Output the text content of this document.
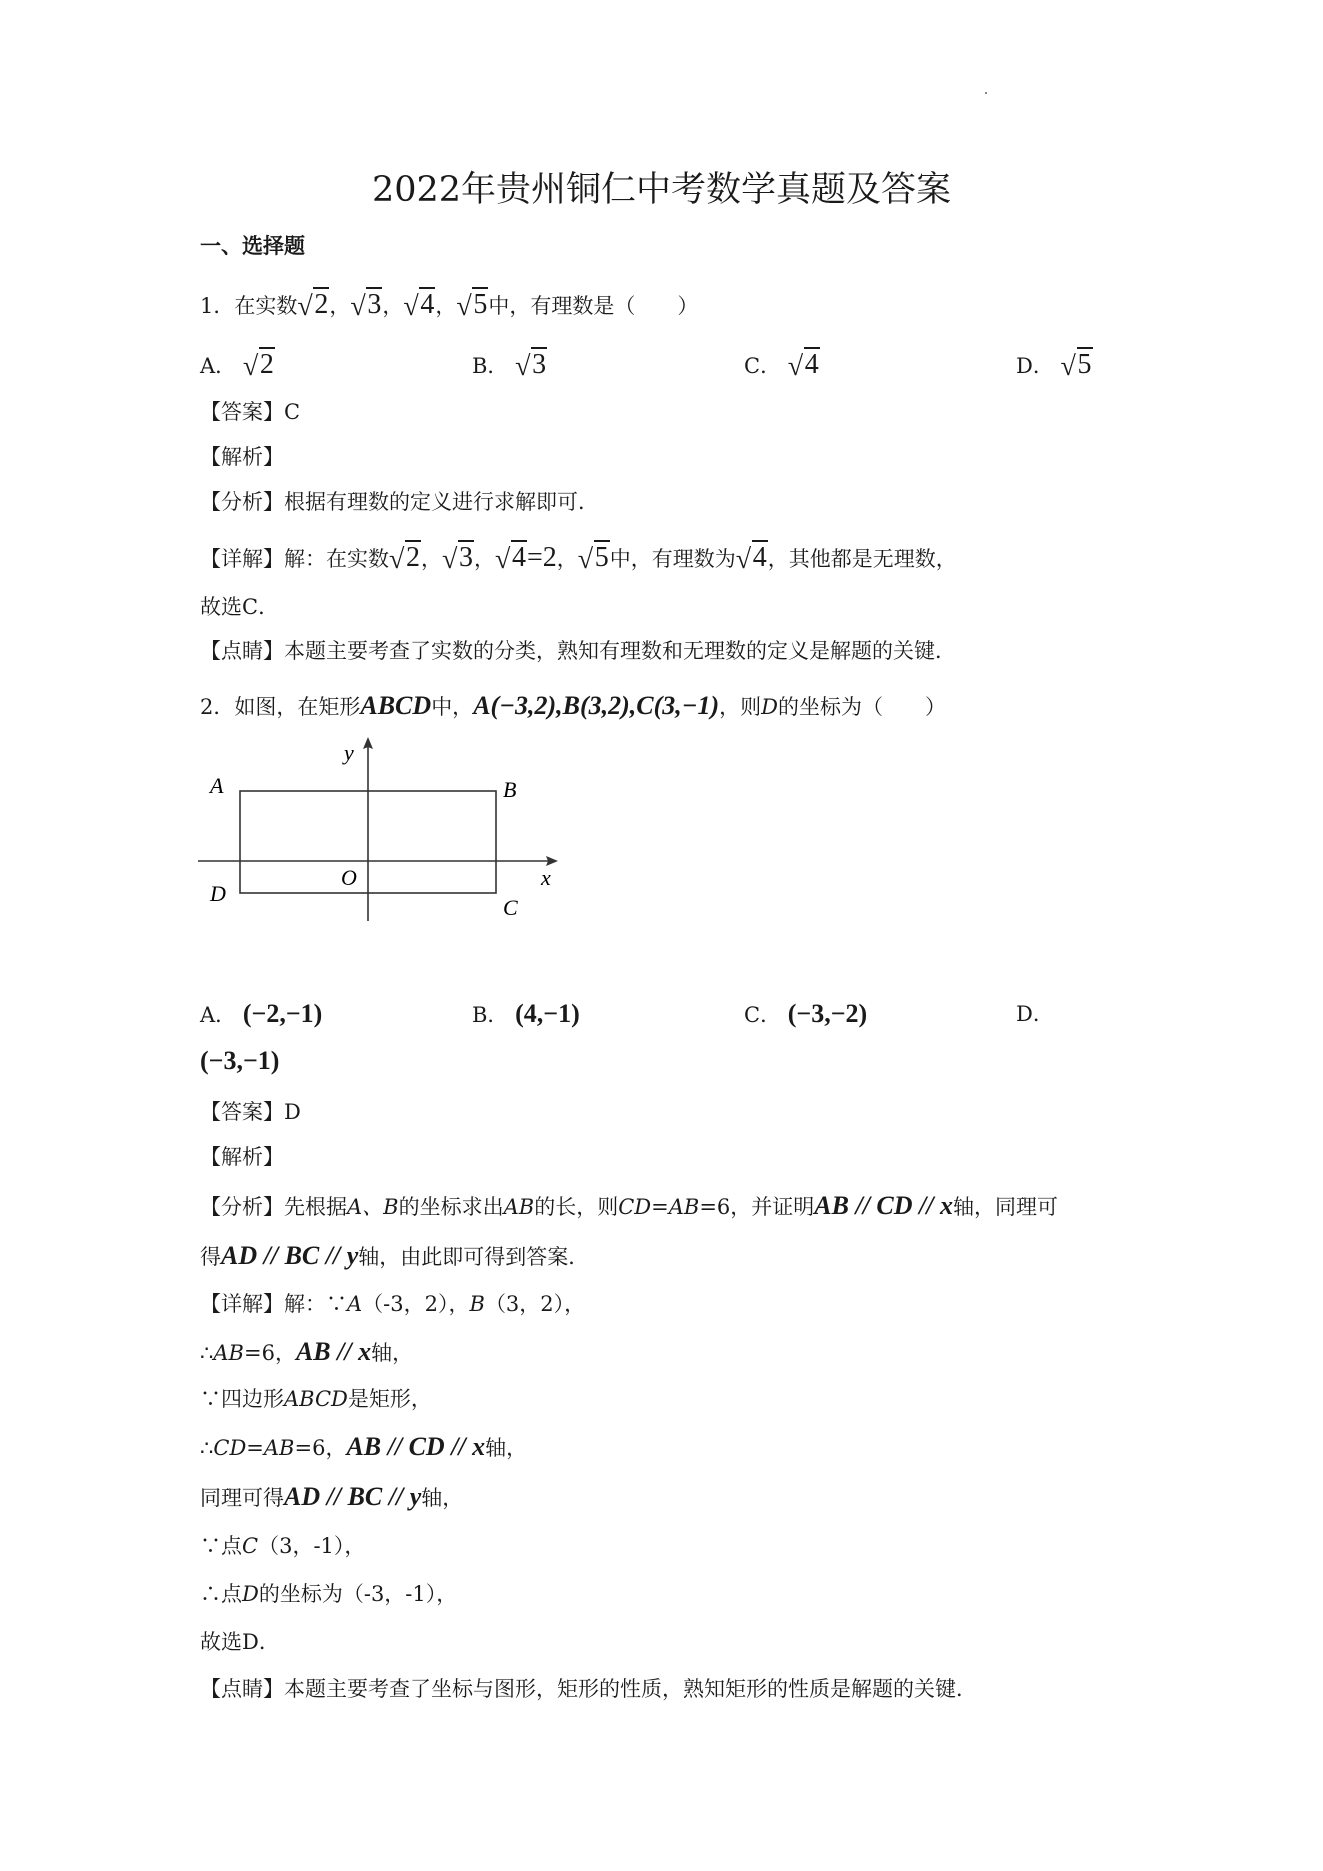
2022年贵州铜仁中考数学真题及答案
一、选择题
1．在实数 √ 2， √ 3， √ 4， √ 5中，有理数是（　　）
A． √ 2	B． √ 3	C． √ 4	D． √ 5
【答案】C
【解析】
【分析】根据有理数的定义进行求解即可．
【详解】解：在实数 √ 2， √ 3， √ 4=2， √ 5中，有理数为 √ 4，其他都是无理数，
故选C．
【点睛】本题主要考查了实数的分类，熟知有理数和无理数的定义是解题的关键．
2．如图，在矩形ABCD中，A(−3,2),B(3,2),C(3,−1)，则D的坐标为（　　）
y
x
O
A	B
C
D
A． (−2,−1)	B． (4,−1)	C． (−3,−2)	D．
(−3,−1)
【答案】D
【解析】
【分析】先根据A、B的坐标求出AB的长，则CD=AB=6，并证明AB // CD // x轴，同理可
得AD // BC // y轴，由此即可得到答案．
【详解】解：∵A（-3，2），B（3，2），
∴AB=6，AB // x轴，
∵四边形ABCD是矩形，
∴CD=AB=6，AB // CD // x轴，
同理可得AD // BC // y轴，
∵点C（3，-1），
∴点D的坐标为（-3，-1），
故选D．
【点睛】本题主要考查了坐标与图形，矩形的性质，熟知矩形的性质是解题的关键．
